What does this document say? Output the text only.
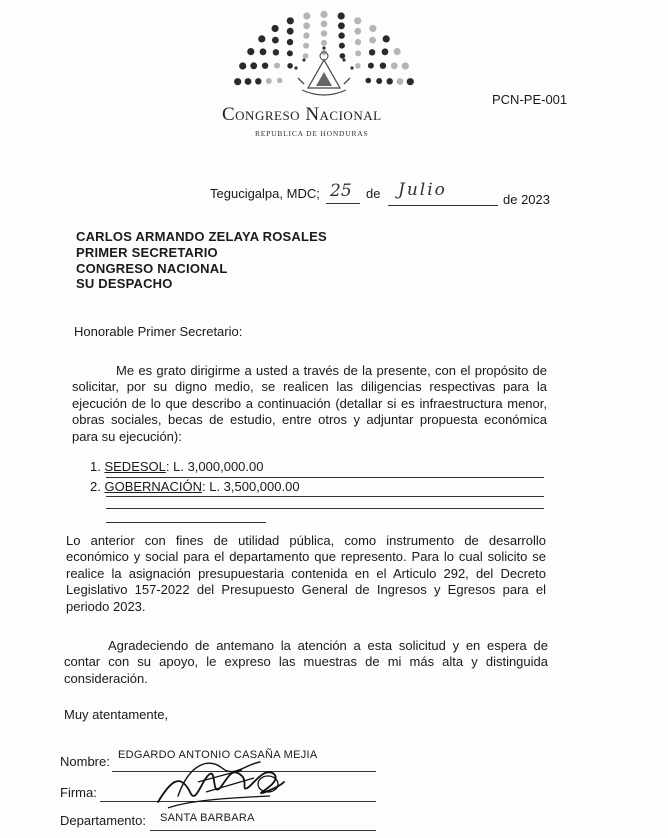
Congreso Nacional
REPUBLICA DE HONDURAS
PCN-PE-001
Tegucigalpa, MDC; 25 de Julio	de 2023
CARLOS ARMANDO ZELAYA ROSALES
PRIMER SECRETARIO
CONGRESO NACIONAL
SU DESPACHO
Honorable Primer Secretario:
Me es grato dirigirme a usted a través de la presente, con el propósito de solicitar, por su digno medio, se realicen las diligencias respectivas para la ejecución de lo que describo a continuación (detallar si es infraestructura menor, obras sociales, becas de estudio, entre otros y adjuntar propuesta económica para su ejecución):
1. SEDESOL: L. 3,000,000.00
2. GOBERNACIÓN: L. 3,500,000.00
Lo anterior con fines de utilidad pública, como instrumento de desarrollo económico y social para el departamento que represento. Para lo cual solicito se realice la asignación presupuestaria contenida en el Articulo 292, del Decreto Legislativo 157-2022 del Presupuesto General de Ingresos y Egresos para el periodo 2023.
Agradeciendo de antemano la atención a esta solicitud y en espera de contar con su apoyo, le expreso las muestras de mi más alta y distinguida consideración.
Muy atentamente,
Nombre: EDGARDO ANTONIO CASAÑA MEJIA
Firma:
Departamento: SANTA BARBARA
